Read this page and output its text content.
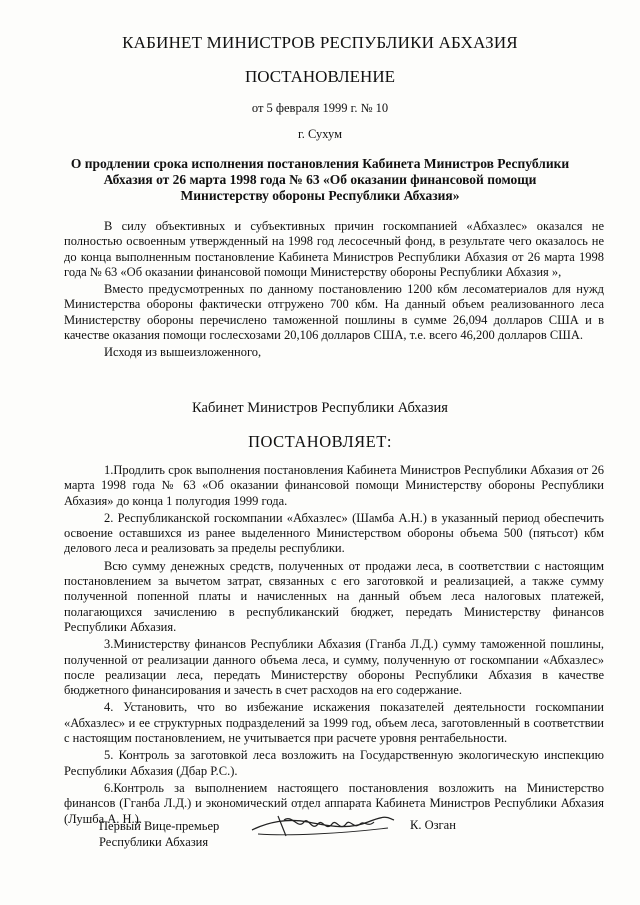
КАБИНЕТ МИНИСТРОВ РЕСПУБЛИКИ АБХАЗИЯ
ПОСТАНОВЛЕНИЕ
от 5 февраля 1999 г. № 10
г. Сухум
О продлении срока исполнения постановления Кабинета Министров Республики Абхазия от 26 марта 1998 года № 63 «Об оказании финансовой помощи Министерству обороны Республики Абхазия»

В силу объективных и субъективных причин госкомпанией «Абхазлес» оказался не полностью освоенным утвержденный на 1998 год лесосечный фонд, в результате чего оказалось не до конца выполненным постановление Кабинета Министров Республики Абхазия от 26 марта 1998 года № 63 «Об оказании финансовой помощи Министерству обороны Республики Абхазия »,

Вместо предусмотренных по данному постановлению 1200 кбм лесоматериалов для нужд Министерства обороны фактически отгружено 700 кбм. На данный объем реализованного леса Министерству обороны перечислено таможенной пошлины в сумме 26,094 долларов США и в качестве оказания помощи гослесхозами 20,106 долларов США, т.е. всего 46,200 долларов США.

Исходя из вышеизложенного,

Кабинет Министров Республики Абхазия
ПОСТАНОВЛЯЕТ:

1.Продлить срок выполнения постановления Кабинета Министров Республики Абхазия от 26 марта 1998 года № 63 «Об оказании финансовой помощи Министерству обороны Республики Абхазия» до конца 1 полугодия 1999 года.

2. Республиканской госкомпании «Абхазлес» (Шамба А.Н.) в указанный период обеспечить освоение оставшихся из ранее выделенного Министерством обороны объема 500 (пятьсот) кбм делового леса и реализовать за пределы республики.

Всю сумму денежных средств, полученных от продажи леса, в соответствии с настоящим постановлением за вычетом затрат, связанных с его заготовкой и реализацией, а также сумму полученной попенной платы и начисленных на данный объем леса налоговых платежей, полагающихся зачислению в республиканский бюджет, передать Министерству финансов Республики Абхазия.

3.Министерству финансов Республики Абхазия (Гганба Л.Д.) сумму таможенной пошлины, полученной от реализации данного объема леса, и сумму, полученную от госкомпании «Абхазлес» после реализации леса, передать Министерству обороны Республики Абхазия в качестве бюджетного финансирования и зачесть в счет расходов на его содержание.

4. Установить, что во избежание искажения показателей деятельности госкомпании «Абхазлес» и ее структурных подразделений за 1999 год, объем леса, заготовленный в соответствии с настоящим постановлением, не учитывается при расчете уровня рентабельности.

5. Контроль за заготовкой леса возложить на Государственную экологическую инспекцию Республики Абхазия (Дбар Р.С.).

6.Контроль за выполнением настоящего постановления возложить на Министерство финансов (Гганба Л.Д.) и экономический отдел аппарата Кабинета Министров Республики Абхазия (Лушба А. Н.).

Первый Вице-премьер
Республики Абхазия
К. Озган
